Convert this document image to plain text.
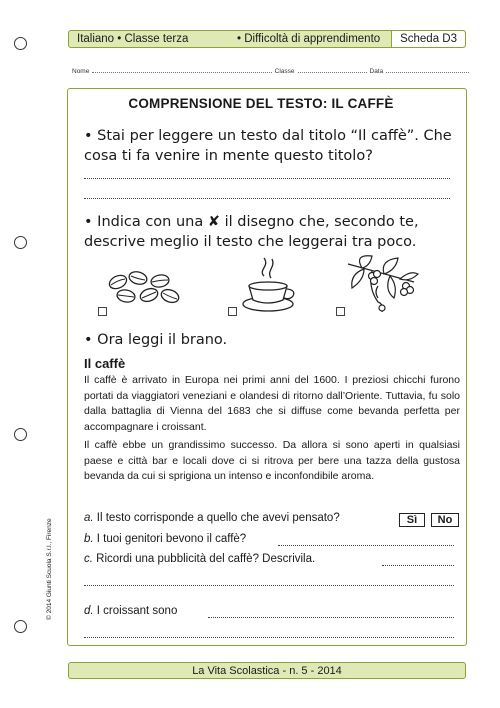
Italiano • Classe terza	• Difficoltà di apprendimento	Scheda D3
Nome	Classe	Data
COMPRENSIONE DEL TESTO: IL CAFFÈ
• Stai per leggere un testo dal titolo “Il caffè”. Che cosa ti fa venire in mente questo titolo?
• Indica con una ✘ il disegno che, secondo te, descrive meglio il testo che leggerai tra poco.
• Ora leggi il brano.
Il caffè
Il caffè è arrivato in Europa nei primi anni del 1600. I preziosi chicchi furono portati da viaggiatori veneziani e olandesi di ritorno dall’Oriente. Tuttavia, fu solo dalla battaglia di Vienna del 1683 che si diffuse come bevanda perfetta per accompagnare i croissant.
Il caffè ebbe un grandissimo successo. Da allora si sono aperti in qualsiasi paese e città bar e locali dove ci si ritrova per bere una tazza della gustosa bevanda da cui si sprigiona un intenso e inconfondibile aroma.
a. Il testo corrisponde a quello che avevi pensato?	Sì	No
b. I tuoi genitori bevono il caffè?
c. Ricordi una pubblicità del caffè? Descrivila.
d. I croissant sono
© 2014 Giunti Scuola S.r.l., Firenze
La Vita Scolastica - n. 5 - 2014
